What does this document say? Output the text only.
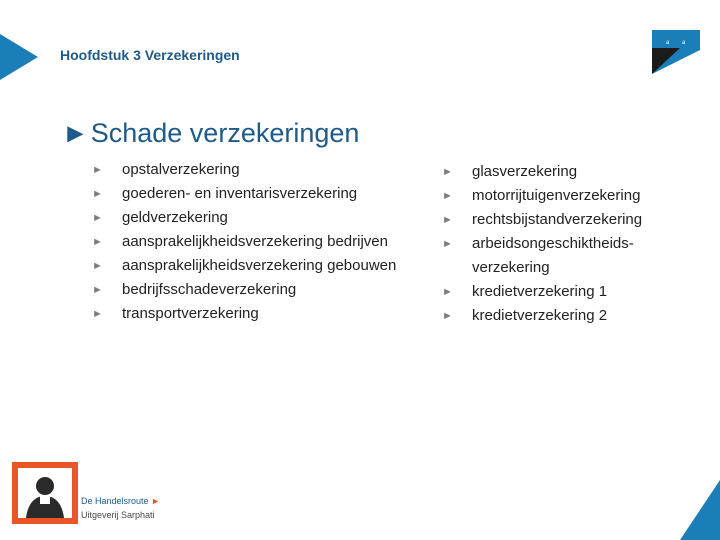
Hoofdstuk 3 Verzekeringen
a a
►Schade verzekeringen
► opstalverzekering
► goederen- en inventarisverzekering
► geldverzekering
► aansprakelijkheidsverzekering bedrijven
► aansprakelijkheidsverzekering gebouwen
► bedrijfsschadeverzekering
► transportverzekering
► glasverzekering
► motorrijtuigenverzekering
► rechtsbijstandverzekering
► arbeidsongeschiktheids-
verzekering
► kredietverzekering 1
► kredietverzekering 2
De Handelsroute ►
Uitgeverij Sarphati
5
